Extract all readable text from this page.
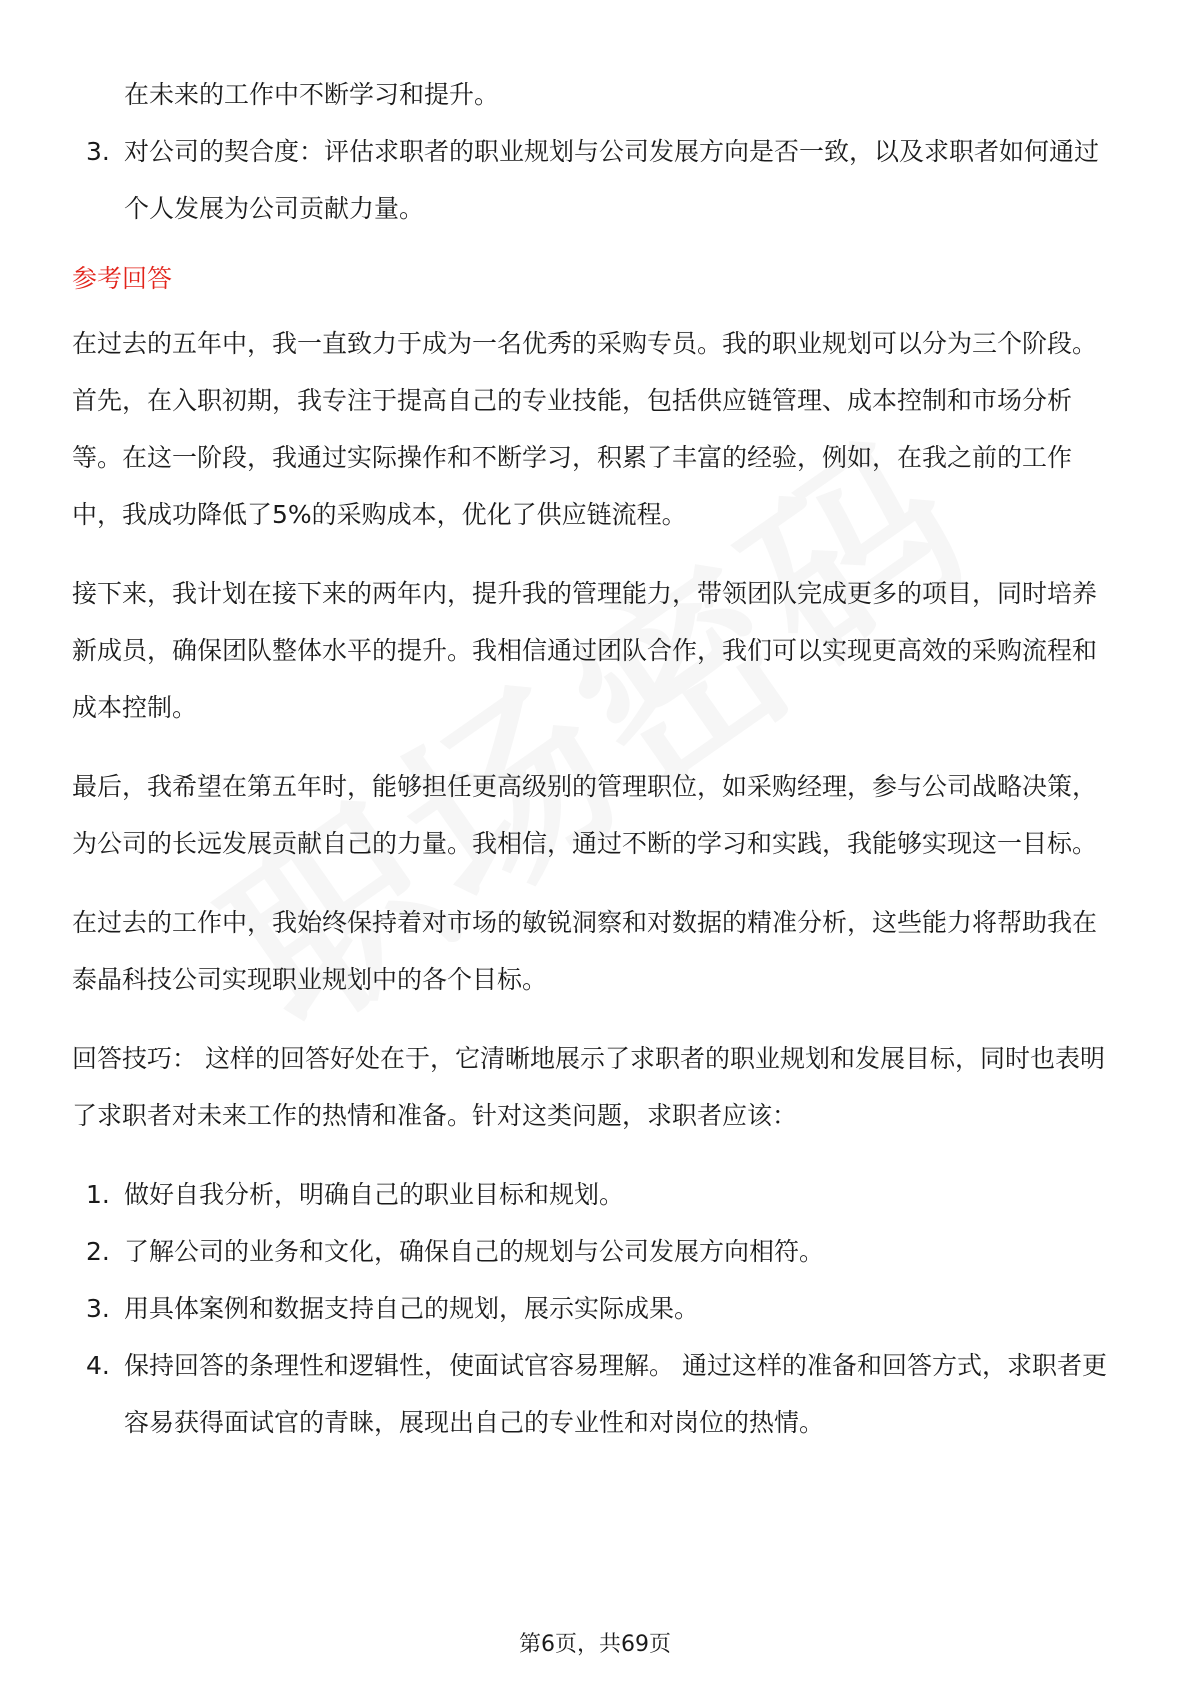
在未来的工作中不断学习和提升。

3. 对公司的契合度：评估求职者的职业规划与公司发展方向是否一致，以及求职者如何通过个人发展为公司贡献力量。
参考回答

在过去的五年中，我一直致力于成为一名优秀的采购专员。我的职业规划可以分为三个阶段。首先，在入职初期，我专注于提高自己的专业技能，包括供应链管理、成本控制和市场分析等。在这一阶段，我通过实际操作和不断学习，积累了丰富的经验，例如，在我之前的工作中，我成功降低了5%的采购成本，优化了供应链流程。

接下来，我计划在接下来的两年内，提升我的管理能力，带领团队完成更多的项目，同时培养新成员，确保团队整体水平的提升。我相信通过团队合作，我们可以实现更高效的采购流程和成本控制。

最后，我希望在第五年时，能够担任更高级别的管理职位，如采购经理，参与公司战略决策，为公司的长远发展贡献自己的力量。我相信，通过不断的学习和实践，我能够实现这一目标。

在过去的工作中，我始终保持着对市场的敏锐洞察和对数据的精准分析，这些能力将帮助我在泰晶科技公司实现职业规划中的各个目标。

回答技巧： 这样的回答好处在于，它清晰地展示了求职者的职业规划和发展目标，同时也表明了求职者对未来工作的热情和准备。针对这类问题，求职者应该：

1. 做好自我分析，明确自己的职业目标和规划。
2. 了解公司的业务和文化，确保自己的规划与公司发展方向相符。
3. 用具体案例和数据支持自己的规划，展示实际成果。
4. 保持回答的条理性和逻辑性，使面试官容易理解。 通过这样的准备和回答方式，求职者更容易获得面试官的青睐，展现出自己的专业性和对岗位的热情。
第6页，共69页
